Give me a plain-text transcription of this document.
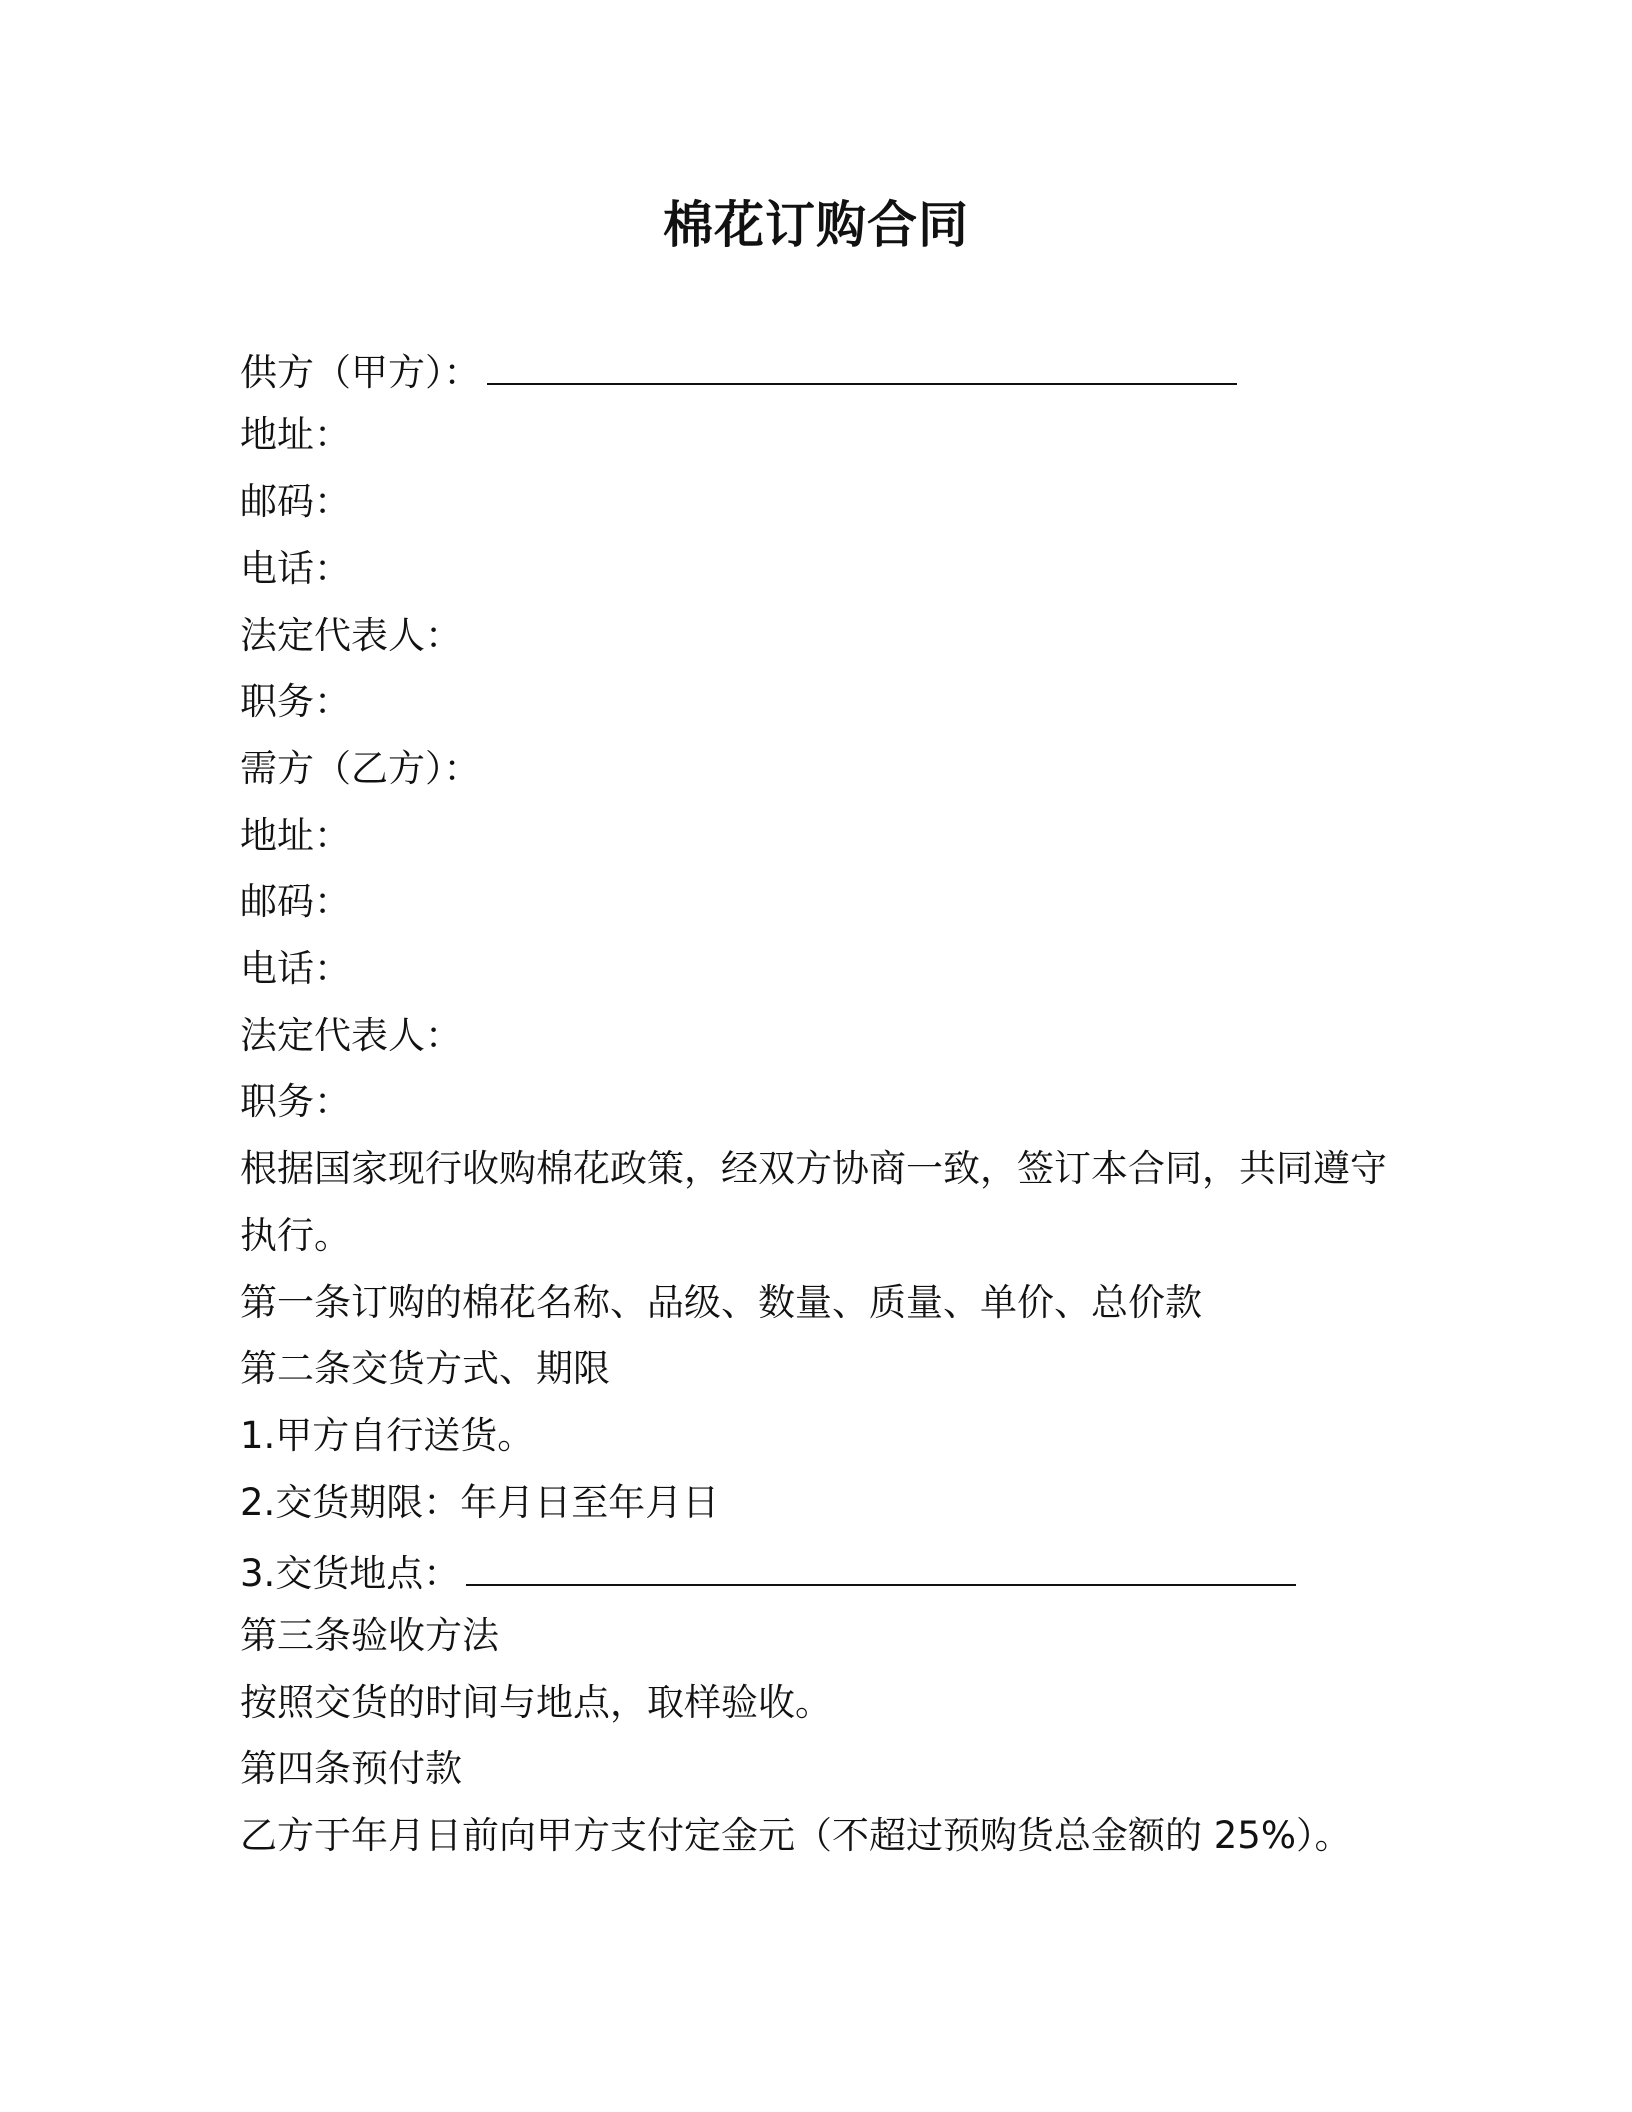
棉花订购合同
供方（甲方）：
地址：
邮码：
电话：
法定代表人：
职务：
需方（乙方）：
地址：
邮码：
电话：
法定代表人：
职务：
根据国家现行收购棉花政策，经双方协商一致，签订本合同，共同遵守
执行。
第一条订购的棉花名称、品级、数量、质量、单价、总价款
第二条交货方式、期限
1.甲方自行送货。
2.交货期限：年月日至年月日
3.交货地点：
第三条验收方法
按照交货的时间与地点，取样验收。
第四条预付款
乙方于年月日前向甲方支付定金元（不超过预购货总金额的 25%）。
